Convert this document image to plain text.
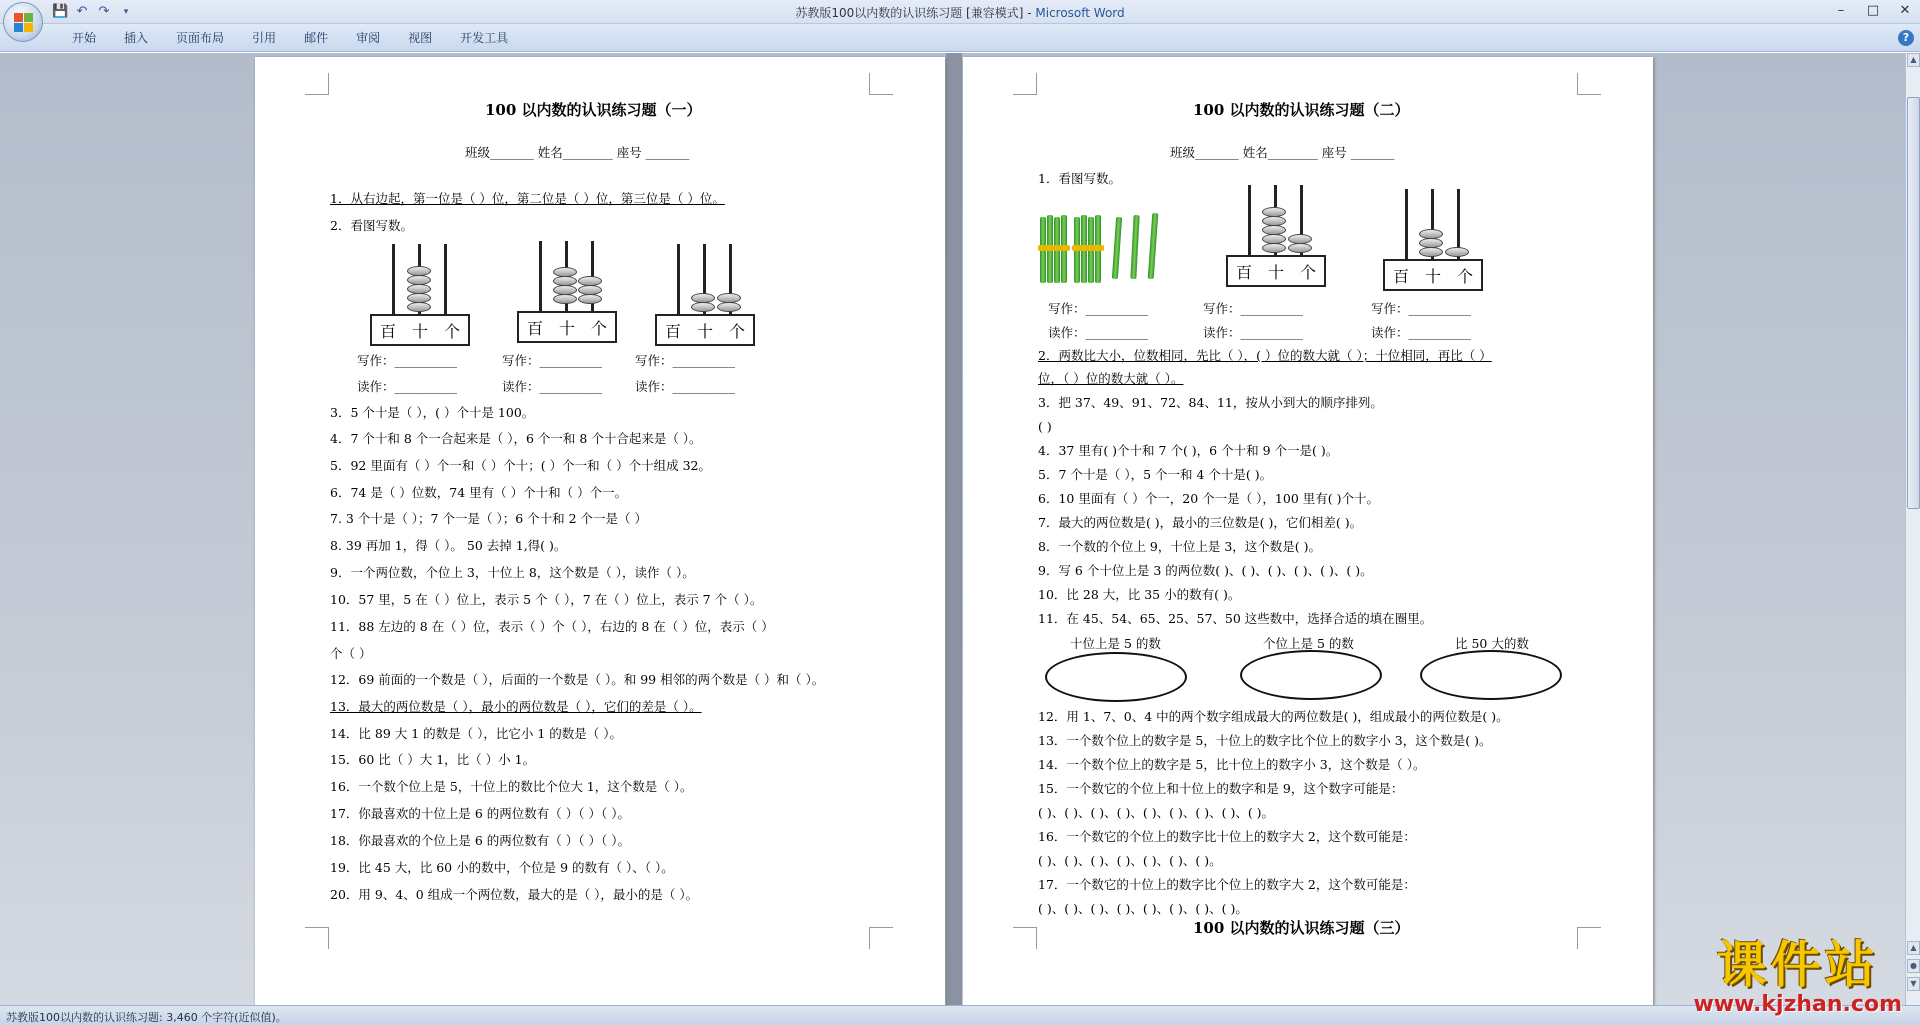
💾 ↶ ↷	▾	苏教版100以内数的认识练习题 [兼容模式] - Microsoft Word	–	□ ✕
开始	插入	页面布局	引用	邮件	审阅	视图	开发工具	?
100 以内数的认识练习题（一）
班级_______ 姓名________ 座号 _______
1．从右边起，第一位是（ ）位，第二位是（ ）位，第三位是（ ）位。
2．看图写数。
百 十 个	百 十 个	百 十 个
写作：__________	写作：__________	写作：__________
读作：__________	读作：__________	读作：__________
3．5 个十是（ ），( ）个十是 100。
4．7 个十和 8 个一合起来是（ ），6 个一和 8 个十合起来是（ ）。
5．92 里面有（ ）个一和（ ）个十；( ）个一和（ ）个十组成 32。
6．74 是（ ）位数，74 里有（ ）个十和（ ）个一。
7. 3 个十是（ ）；7 个一是（ ）；6 个十和 2 个一是（ ）
8. 39 再加 1，得（ ）。 50 去掉 1,得( )。
9．一个两位数，个位上 3，十位上 8，这个数是（ ），读作（ ）。
10．57 里，5 在（ ）位上，表示 5 个（ ），7 在（ ）位上，表示 7 个（ ）。
11．88 左边的 8 在（ ）位，表示（ ）个（ ），右边的 8 在（ ）位，表示（ ）
个（ ）
12．69 前面的一个数是（ ），后面的一个数是（ ）。和 99 相邻的两个数是（ ）和（ ）。
13．最大的两位数是（ ），最小的两位数是（ ），它们的差是（ ）。
14．比 89 大 1 的数是（ ），比它小 1 的数是（ ）。
15．60 比（ ）大 1，比（ ）小 1。
16．一个数个位上是 5，十位上的数比个位大 1，这个数是（ ）。
17．你最喜欢的十位上是 6 的两位数有（ ）（ ）（ ）。
18．你最喜欢的个位上是 6 的两位数有（ ）（ ）（ ）。
19．比 45 大，比 60 小的数中，个位是 9 的数有（ ）、（ ）。
20．用 9、4、0 组成一个两位数，最大的是（ ），最小的是（ ）。
100 以内数的认识练习题（二）
班级_______ 姓名________ 座号 _______
1．看图写数。
百 十 个	百 十 个
写作：__________	写作：__________	写作：__________
读作：__________	读作：__________	读作：__________
2．两数比大小，位数相同，先比（ ），( ）位的数大就（ ）；十位相同，再比（ ）
位，（ ）位的数大就（ ）。
3．把 37、49、91、72、84、11，按从小到大的顺序排列。
( )
4．37 里有( )个十和 7 个( )，6 个十和 9 个一是( )。
5．7 个十是（ ），5 个一和 4 个十是( )。
6．10 里面有（ ）个一，20 个一是（ ），100 里有( )个十。
7．最大的两位数是( )，最小的三位数是( )，它们相差( )。
8．一个数的个位上 9，十位上是 3，这个数是( )。
9．写 6 个十位上是 3 的两位数( )、( )、( )、( )、( )、( )。
10．比 28 大，比 35 小的数有( )。
11．在 45、54、65、25、57、50 这些数中，选择合适的填在圈里。
十位上是 5 的数	个位上是 5 的数	比 50 大的数
12．用 1、7、0、4 中的两个数字组成最大的两位数是( )，组成最小的两位数是( )。
13．一个数个位上的数字是 5，十位上的数字比个位上的数字小 3，这个数是( )。
14．一个数个位上的数字是 5，比十位上的数字小 3，这个数是（ ）。
15．一个数它的个位上和十位上的数字和是 9，这个数字可能是：
( )、( )、( )、( )、( )、( )、( )、( )、( )。
16．一个数它的个位上的数字比十位上的数字大 2，这个数可能是：
( )、( )、( )、( )、( )、( )、( )。
17．一个数它的十位上的数字比个位上的数字大 2，这个数可能是：
( )、( )、( )、( )、( )、( )、( )、( )。
100 以内数的认识练习题（三）
▲
▲
●
▼
苏教版100以内数的认识练习题: 3,460 个字符(近似值)。
课件站
www.kjzhan.com
